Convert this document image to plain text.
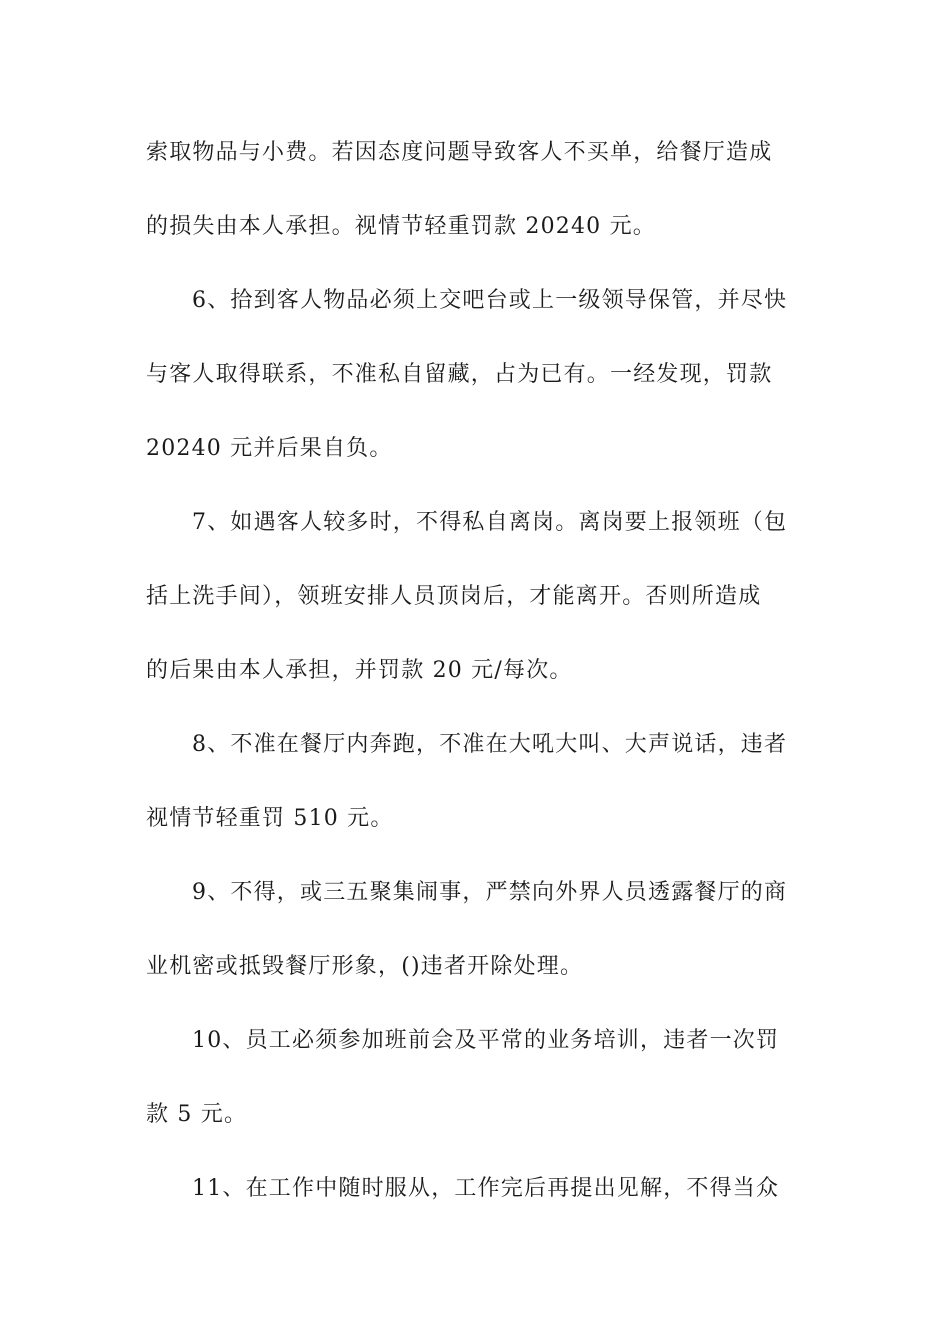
索取物品与小费。若因态度问题导致客人不买单，给餐厅造成
的损失由本人承担。视情节轻重罚款 20240 元。
6、拾到客人物品必须上交吧台或上一级领导保管，并尽快
与客人取得联系，不准私自留藏，占为已有。一经发现，罚款
20240 元并后果自负。
7、如遇客人较多时，不得私自离岗。离岗要上报领班（包
括上洗手间），领班安排人员顶岗后，才能离开。否则所造成
的后果由本人承担，并罚款 20 元/每次。
8、不准在餐厅内奔跑，不准在大吼大叫、大声说话，违者
视情节轻重罚 510 元。
9、不得，或三五聚集闹事，严禁向外界人员透露餐厅的商
业机密或抵毁餐厅形象，()违者开除处理。
10、员工必须参加班前会及平常的业务培训，违者一次罚
款 5 元。
11、在工作中随时服从，工作完后再提出见解，不得当众
